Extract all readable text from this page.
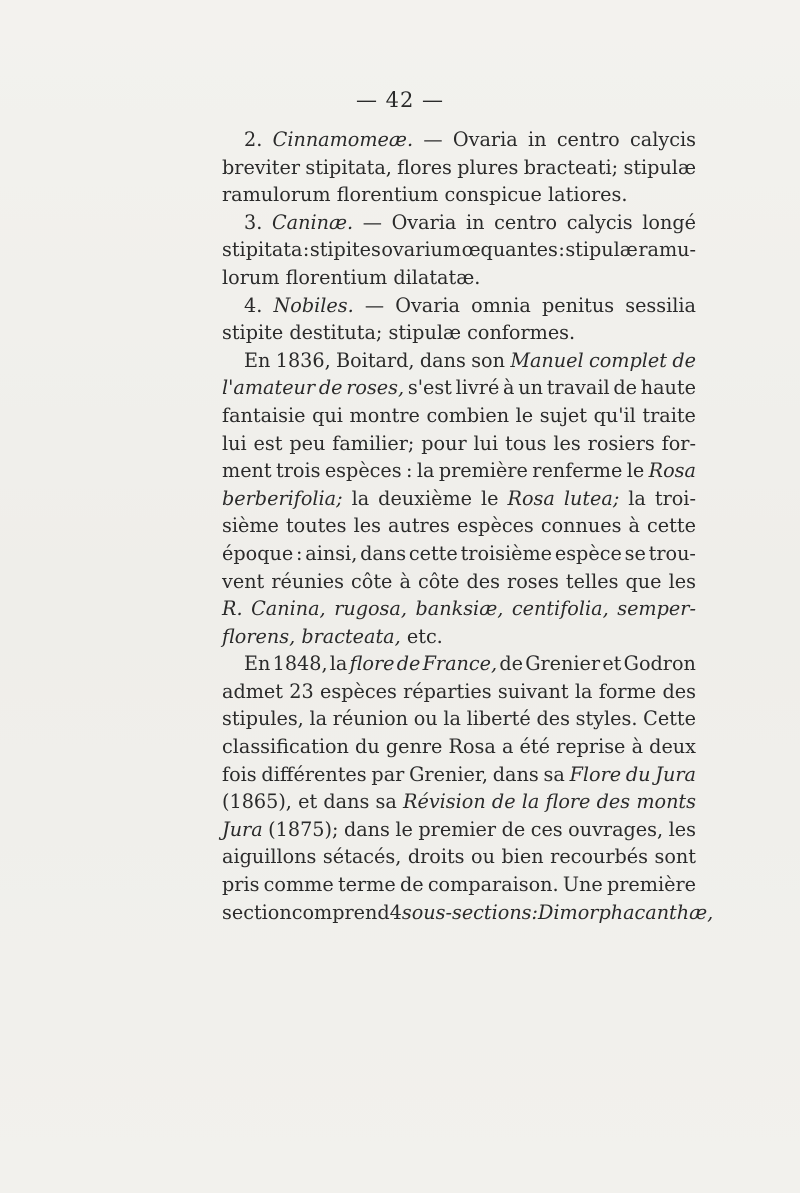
— 42 —
2. Cinnamomeæ. — Ovaria in centro calycis
breviter stipitata, flores plures bracteati; stipulæ
ramulorum florentium conspicue latiores.
3. Caninæ. — Ovaria in centro calycis longé
stipitata : stipites ovarium œquantes : stipulæ ramu-
lorum florentium dilatatæ.
4. Nobiles. — Ovaria omnia penitus sessilia
stipite destituta; stipulæ conformes.
En 1836, Boitard, dans son Manuel complet de
l'amateur de roses, s'est livré à un travail de haute
fantaisie qui montre combien le sujet qu'il traite
lui est peu familier; pour lui tous les rosiers for-
ment trois espèces : la première renferme le Rosa
berberifolia; la deuxième le Rosa lutea; la troi-
sième toutes les autres espèces connues à cette
époque : ainsi, dans cette troisième espèce se trou-
vent réunies côte à côte des roses telles que les
R. Canina, rugosa, banksiæ, centifolia, semper-
florens, bracteata, etc.
En 1848, la flore de France, de Grenier et Godron
admet 23 espèces réparties suivant la forme des
stipules, la réunion ou la liberté des styles. Cette
classification du genre Rosa a été reprise à deux
fois différentes par Grenier, dans sa Flore du Jura
(1865), et dans sa Révision de la flore des monts
Jura (1875); dans le premier de ces ouvrages, les
aiguillons sétacés, droits ou bien recourbés sont
pris comme terme de comparaison. Une première
section comprend 4 sous-sections: Dimorphacanthæ,
